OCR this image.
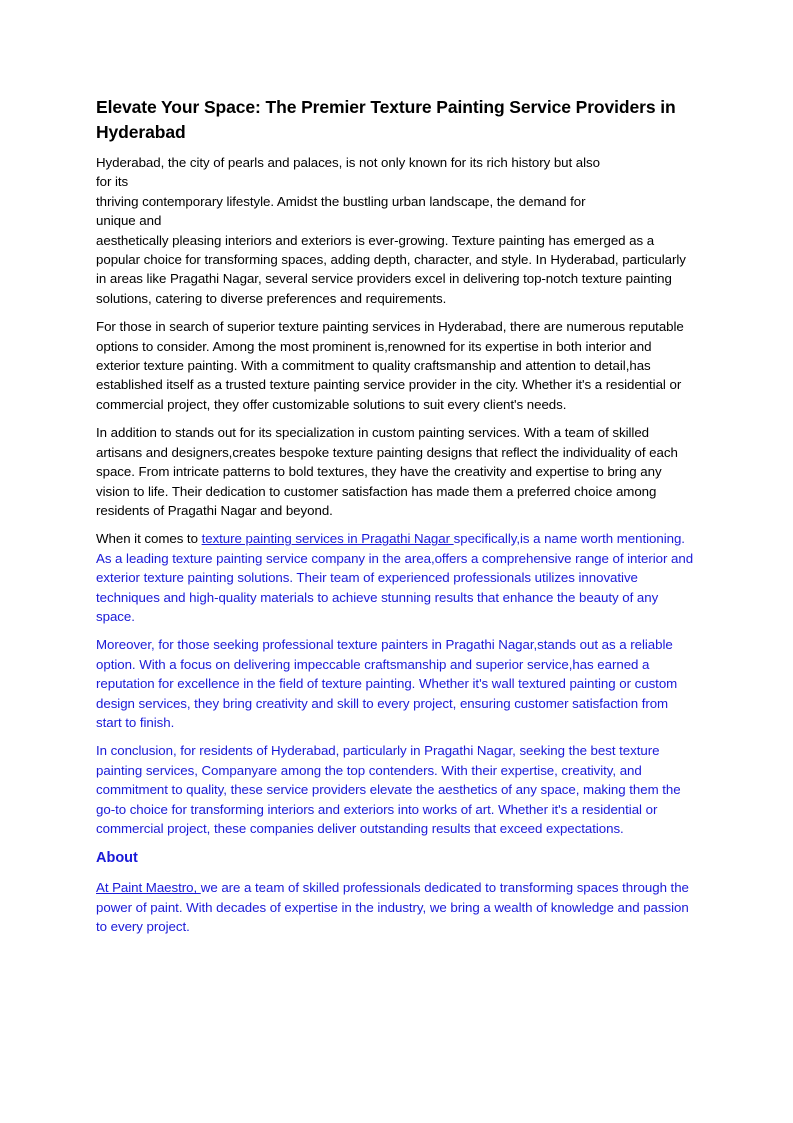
Elevate Your Space: The Premier Texture Painting Service Providers in Hyderabad

Hyderabad, the city of pearls and palaces, is not only known for its rich history but also
for its
thriving contemporary lifestyle. Amidst the bustling urban landscape, the demand for
unique and
aesthetically pleasing interiors and exteriors is ever-growing. Texture painting has emerged as a popular choice for transforming spaces, adding depth, character, and style. In Hyderabad, particularly in areas like Pragathi Nagar, several service providers excel in delivering top-notch texture painting solutions, catering to diverse preferences and requirements.

For those in search of superior texture painting services in Hyderabad, there are numerous reputable options to consider. Among the most prominent is,renowned for its expertise in both interior and exterior texture painting. With a commitment to quality craftsmanship and attention to detail,has established itself as a trusted texture painting service provider in the city. Whether it's a residential or commercial project, they offer customizable solutions to suit every client's needs.

In addition to stands out for its specialization in custom painting services. With a team of skilled artisans and designers,creates bespoke texture painting designs that reflect the individuality of each space. From intricate patterns to bold textures, they have the creativity and expertise to bring any vision to life. Their dedication to customer satisfaction has made them a preferred choice among residents of Pragathi Nagar and beyond.

When it comes to texture painting services in Pragathi Nagar specifically,is a name worth mentioning. As a leading texture painting service company in the area,offers a comprehensive range of interior and exterior texture painting solutions. Their team of experienced professionals utilizes innovative techniques and high-quality materials to achieve stunning results that enhance the beauty of any space.

Moreover, for those seeking professional texture painters in Pragathi Nagar,stands out as a reliable option. With a focus on delivering impeccable craftsmanship and superior service,has earned a reputation for excellence in the field of texture painting. Whether it's wall textured painting or custom design services, they bring creativity and skill to every project, ensuring customer satisfaction from start to finish.

In conclusion, for residents of Hyderabad, particularly in Pragathi Nagar, seeking the best texture painting services, Companyare among the top contenders. With their expertise, creativity, and commitment to quality, these service providers elevate the aesthetics of any space, making them the go-to choice for transforming interiors and exteriors into works of art. Whether it's a residential or commercial project, these companies deliver outstanding results that exceed expectations.

About

At Paint Maestro, we are a team of skilled professionals dedicated to transforming spaces through the power of paint. With decades of expertise in the industry, we bring a wealth of knowledge and passion to every project.
